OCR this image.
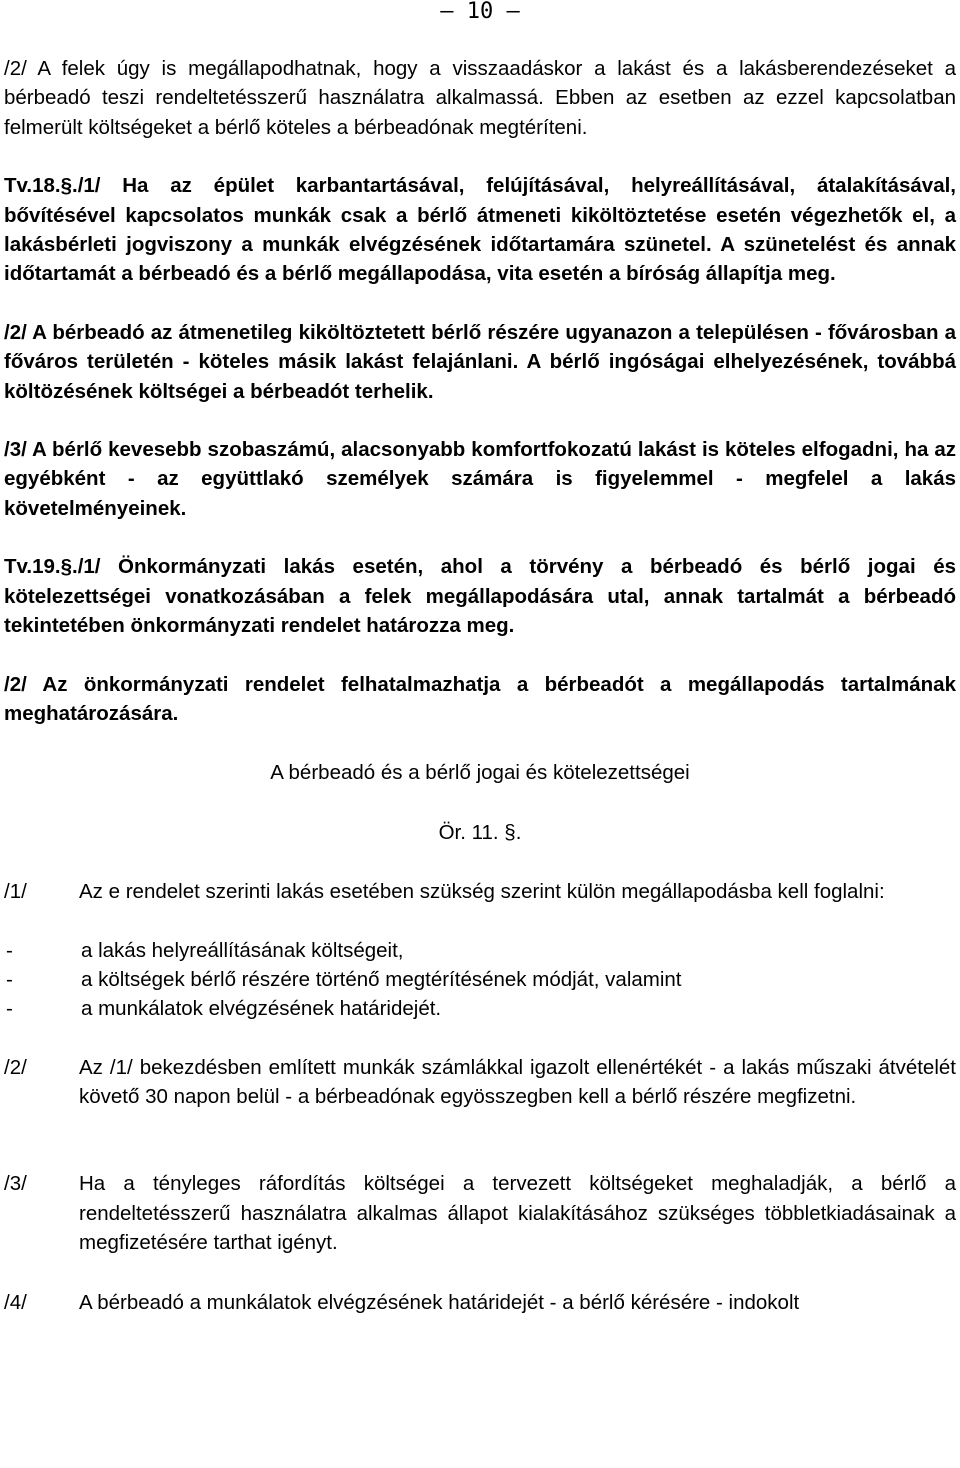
– 10 –

/2/ A felek úgy is megállapodhatnak, hogy a visszaadáskor a lakást és a lakásberendezéseket a bérbeadó teszi rendeltetésszerű használatra alkalmassá. Ebben az esetben az ezzel kapcsolatban felmerült költségeket a bérlő köteles a bérbeadónak megtéríteni.

Tv.18.§./1/ Ha az épület karbantartásával, felújításával, helyreállításával, átalakításával, bővítésével kapcsolatos munkák csak a bérlő átmeneti kiköltöztetése esetén végezhetők el, a lakásbérleti jogviszony a munkák elvégzésének időtartamára szünetel. A szünetelést és annak időtartamát a bérbeadó és a bérlő megállapodása, vita esetén a bíróság állapítja meg.

/2/ A bérbeadó az átmenetileg kiköltöztetett bérlő részére ugyanazon a településen - fővárosban a főváros területén - köteles másik lakást felajánlani. A bérlő ingóságai elhelyezésének, továbbá költözésének költségei a bérbeadót terhelik.

/3/ A bérlő kevesebb szobaszámú, alacsonyabb komfortfokozatú lakást is köteles elfogadni, ha az egyébként - az együttlakó személyek számára is figyelemmel - megfelel a lakás követelményeinek.

Tv.19.§./1/ Önkormányzati lakás esetén, ahol a törvény a bérbeadó és bérlő jogai és kötelezettségei vonatkozásában a felek megállapodására utal, annak tartalmát a bérbeadó tekintetében önkormányzati rendelet határozza meg.

/2/ Az önkormányzati rendelet felhatalmazhatja a bérbeadót a megállapodás tartalmának meghatározására.

A bérbeadó és a bérlő jogai és kötelezettségei

Ör. 11. §.

/1/	Az e rendelet szerinti lakás esetében szükség szerint külön megállapodásba kell foglalni:
-	a lakás helyreállításának költségeit,
-	a költségek bérlő részére történő megtérítésének módját, valamint
-	a munkálatok elvégzésének határidejét.
/2/	Az /1/ bekezdésben említett munkák számlákkal igazolt ellenértékét - a lakás műszaki átvételét követő 30 napon belül - a bérbeadónak egyösszegben kell a bérlő részére megfizetni.
/3/	Ha a tényleges ráfordítás költségei a tervezett költségeket meghaladják, a bérlő a rendeltetésszerű használatra alkalmas állapot kialakításához szükséges többletkiadásainak a megfizetésére tarthat igényt.
/4/	A bérbeadó a munkálatok elvégzésének határidejét - a bérlő kérésére - indokolt
